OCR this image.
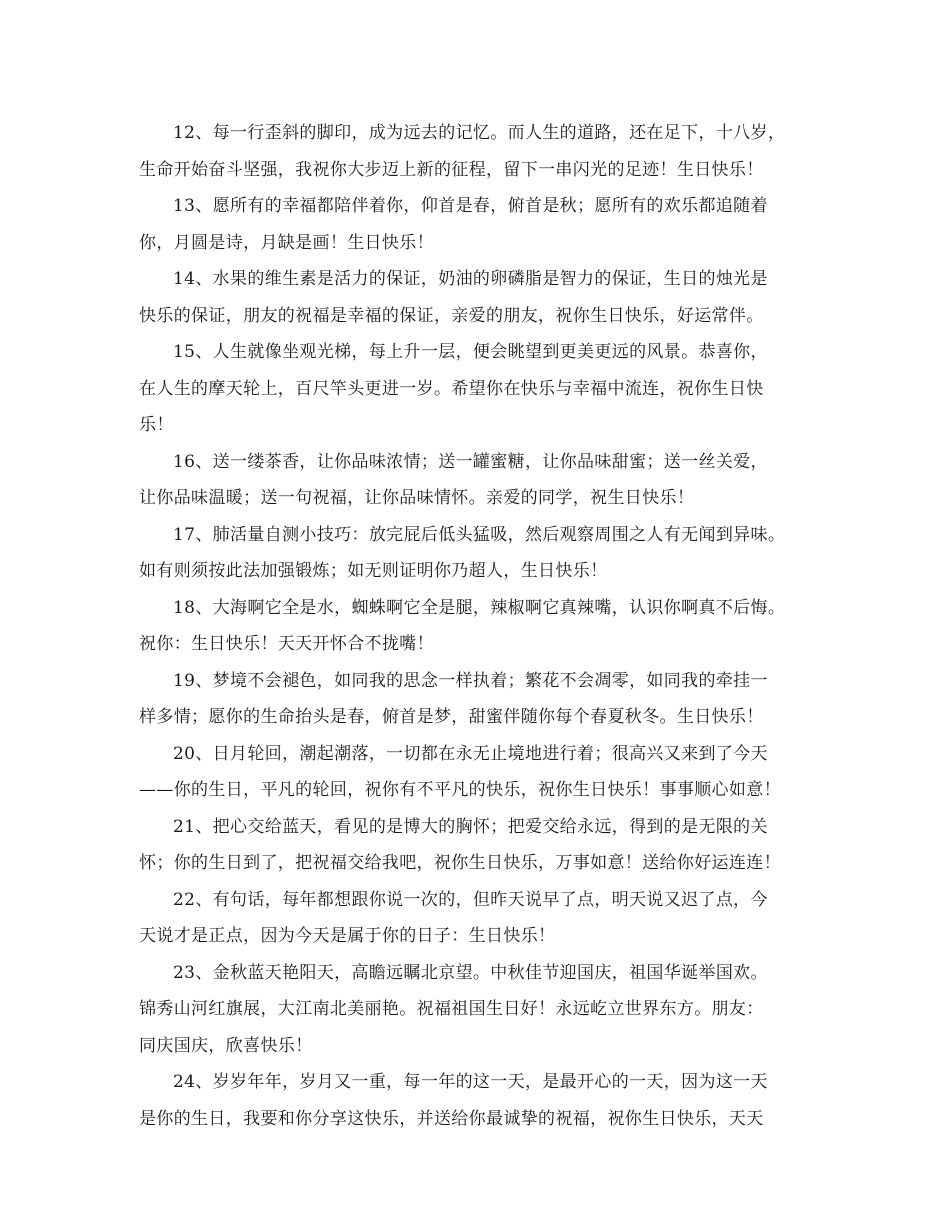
12、每一行歪斜的脚印，成为远去的记忆。而人生的道路，还在足下，十八岁，
生命开始奋斗坚强，我祝你大步迈上新的征程，留下一串闪光的足迹！生日快乐！

13、愿所有的幸福都陪伴着你，仰首是春，俯首是秋；愿所有的欢乐都追随着
你，月圆是诗，月缺是画！生日快乐！

14、水果的维生素是活力的保证，奶油的卵磷脂是智力的保证，生日的烛光是
快乐的保证，朋友的祝福是幸福的保证，亲爱的朋友，祝你生日快乐，好运常伴。

15、人生就像坐观光梯，每上升一层，便会眺望到更美更远的风景。恭喜你，
在人生的摩天轮上，百尺竿头更进一岁。希望你在快乐与幸福中流连，祝你生日快
乐！

16、送一缕茶香，让你品味浓情；送一罐蜜糖，让你品味甜蜜；送一丝关爱，
让你品味温暖；送一句祝福，让你品味情怀。亲爱的同学，祝生日快乐！

17、肺活量自测小技巧：放完屁后低头猛吸，然后观察周围之人有无闻到异味。
如有则须按此法加强锻炼；如无则证明你乃超人，生日快乐！

18、大海啊它全是水，蜘蛛啊它全是腿，辣椒啊它真辣嘴，认识你啊真不后悔。
祝你：生日快乐！天天开怀合不拢嘴！

19、梦境不会褪色，如同我的思念一样执着；繁花不会凋零，如同我的牵挂一
样多情；愿你的生命抬头是春，俯首是梦，甜蜜伴随你每个春夏秋冬。生日快乐！

20、日月轮回，潮起潮落，一切都在永无止境地进行着；很高兴又来到了今天
——你的生日，平凡的轮回，祝你有不平凡的快乐，祝你生日快乐！事事顺心如意！

21、把心交给蓝天，看见的是博大的胸怀；把爱交给永远，得到的是无限的关
怀；你的生日到了，把祝福交给我吧，祝你生日快乐，万事如意！送给你好运连连！

22、有句话，每年都想跟你说一次的，但昨天说早了点，明天说又迟了点，今
天说才是正点，因为今天是属于你的日子：生日快乐！

23、金秋蓝天艳阳天，高瞻远瞩北京望。中秋佳节迎国庆，祖国华诞举国欢。
锦秀山河红旗展，大江南北美丽艳。祝福祖国生日好！永远屹立世界东方。朋友：
同庆国庆，欣喜快乐！

24、岁岁年年，岁月又一重，每一年的这一天，是最开心的一天，因为这一天
是你的生日，我要和你分享这快乐，并送给你最诚挚的祝福，祝你生日快乐，天天
